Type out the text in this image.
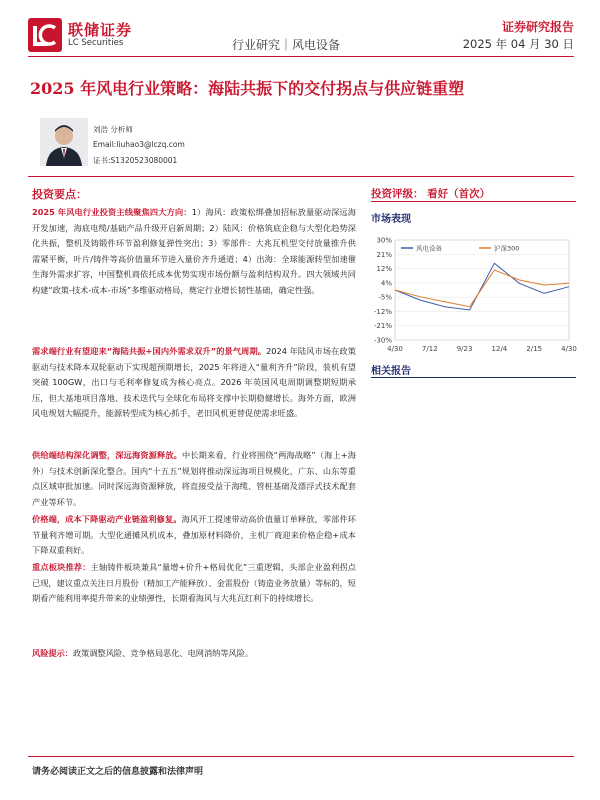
联储证券
LC Securities	行业研究｜风电设备
证券研究报告
2025 年 04 月 30 日
2025 年风电行业策略：海陆共振下的交付拐点与供应链重塑
刘浩 分析师
Email:liuhao3@lczq.com
证书:S1320523080001
投资要点：
2025 年风电行业投资主线聚焦四大方向：1）海风：政策松绑叠加招标放量驱动深远海开发加速，海底电缆/基础产品升级开启新周期；2）陆风：价格筑底企稳与大型化趋势深化共振，整机及铸锻件环节盈利修复弹性突出；3）零部件：大兆瓦机型交付放量推升供需紧平衡，叶片/铸件等高价值量环节进入量价齐升通道；4）出海：全球能源转型加速催生海外需求扩容，中国整机商依托成本优势实现市场份额与盈利结构双升。四大领域共同构建“政策-技术-成本-市场”多维驱动格局，奠定行业增长韧性基础，确定性强。
需求端行业有望迎来“海陆共振+国内外需求双升”的景气周期。2024 年陆风市场在政策驱动与技术降本双轮驱动下实现超预期增长，2025 年将进入“量利齐升”阶段，装机有望突破 100GW，出口与毛利率修复成为核心亮点。2026 年英国风电周期调整期短期承压，但大基地项目落地、技术迭代与全球化布局将支撑中长期稳健增长。海外方面，欧洲风电规划大幅提升，能源转型成为核心抓手，老旧风机更替促使需求旺盛。
供给端结构深化调整，深远海资源释放。中长期来看，行业将围绕“两海战略”（海上+海外）与技术创新深化整合。国内“十五五”规划将推动深远海项目规模化，广东、山东等重点区域审批加速。同时深远海资源释放，将直接受益于海缆、管桩基础及漂浮式技术配套产业等环节。
价格端，成本下降驱动产业链盈利修复。海风开工提速带动高价值量订单释放，零部件环节量利齐增可期。大型化通摊风机成本，叠加原材料降价，主机厂商迎来价格企稳+成本下降双重利好。
重点板块推荐：主轴铸件板块兼具“量增+价升+格局优化”三重逻辑，头部企业盈利拐点已现，建议重点关注日月股份（精加工产能释放）、金雷股份（铸造业务放量）等标的，短期看产能利用率提升带来的业绩弹性，长期看海风与大兆瓦红利下的持续增长。
风险提示：政策调整风险、竞争格局恶化、电网消纳等风险。
投资评级： 看好（首次）
市场表现
30%
21%
12%
4%
-5%
-12%
-21%
-30%
4/30	7/12	9/23	12/4	2/15	4/30
风电设备	沪深300
相关报告
请务必阅读正文之后的信息披露和法律声明
